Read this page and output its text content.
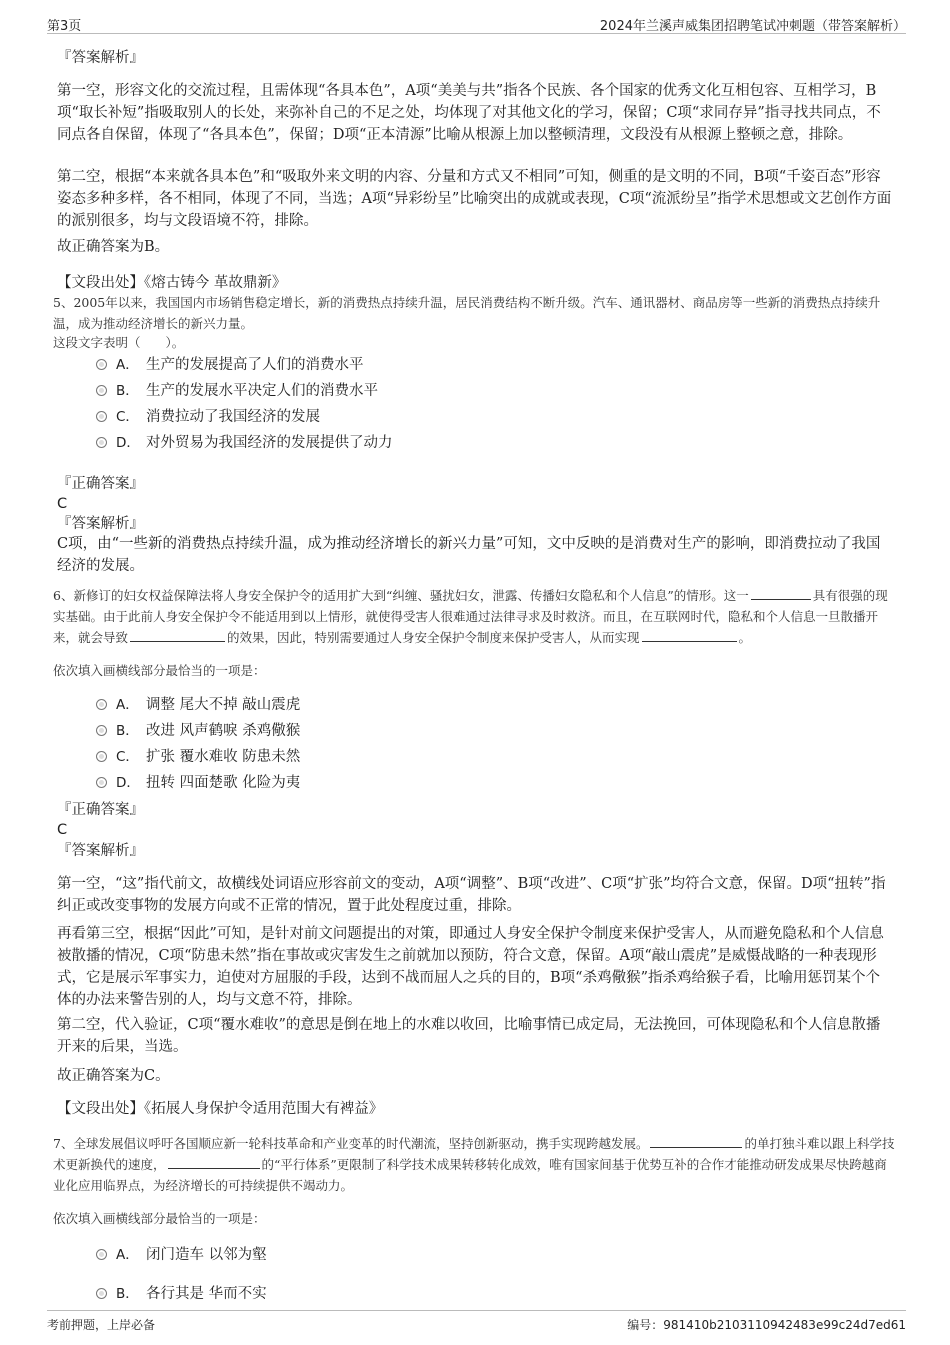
第3页	2024年兰溪声威集团招聘笔试冲刺题（带答案解析）
『答案解析』
第一空，形容文化的交流过程，且需体现“各具本色”，A项“美美与共”指各个民族、各个国家的优秀文化互相包容、互相学习，B项“取长补短”指吸取别人的长处，来弥补自己的不足之处，均体现了对其他文化的学习，保留；C项“求同存异”指寻找共同点，不同点各自保留，体现了“各具本色”，保留；D项“正本清源”比喻从根源上加以整顿清理，文段没有从根源上整顿之意，排除。
第二空，根据“本来就各具本色”和“吸取外来文明的内容、分量和方式又不相同”可知，侧重的是文明的不同，B项“千姿百态”形容姿态多种多样，各不相同，体现了不同，当选；A项“异彩纷呈”比喻突出的成就或表现，C项“流派纷呈”指学术思想或文艺创作方面的派别很多，均与文段语境不符，排除。
故正确答案为B。
【文段出处】《熔古铸今 革故鼎新》
5、2005年以来，我国国内市场销售稳定增长，新的消费热点持续升温，居民消费结构不断升级。汽车、通讯器材、商品房等一些新的消费热点持续升温，成为推动经济增长的新兴力量。
这段文字表明（　　）。
A． 生产的发展提高了人们的消费水平
B． 生产的发展水平决定人们的消费水平
C． 消费拉动了我国经济的发展
D． 对外贸易为我国经济的发展提供了动力
『正确答案』
C
『答案解析』
C项，由“一些新的消费热点持续升温，成为推动经济增长的新兴力量”可知，文中反映的是消费对生产的影响，即消费拉动了我国经济的发展。
6、新修订的妇女权益保障法将人身安全保护令的适用扩大到“纠缠、骚扰妇女，泄露、传播妇女隐私和个人信息”的情形。这一	具有很强的现实基础。由于此前人身安全保护令不能适用到以上情形，就使得受害人很难通过法律寻求及时救济。而且，在互联网时代，隐私和个人信息一旦散播开来，就会导致	的效果，因此，特别需要通过人身安全保护令制度来保护受害人，从而实现	。
依次填入画横线部分最恰当的一项是：
A． 调整 尾大不掉 敲山震虎
B． 改进 风声鹤唳 杀鸡儆猴
C． 扩张 覆水难收 防患未然
D． 扭转 四面楚歌 化险为夷
『正确答案』
C
『答案解析』
第一空，“这”指代前文，故横线处词语应形容前文的变动，A项“调整”、B项“改进”、C项“扩张”均符合文意，保留。D项“扭转”指纠正或改变事物的发展方向或不正常的情况，置于此处程度过重，排除。
再看第三空，根据“因此”可知，是针对前文问题提出的对策，即通过人身安全保护令制度来保护受害人，从而避免隐私和个人信息被散播的情况，C项“防患未然”指在事故或灾害发生之前就加以预防，符合文意，保留。A项“敲山震虎”是威慑战略的一种表现形式，它是展示军事实力，迫使对方屈服的手段，达到不战而屈人之兵的目的，B项“杀鸡儆猴”指杀鸡给猴子看，比喻用惩罚某个个体的办法来警告别的人，均与文意不符，排除。
第二空，代入验证，C项“覆水难收”的意思是倒在地上的水难以收回，比喻事情已成定局，无法挽回，可体现隐私和个人信息散播开来的后果，当选。
故正确答案为C。
【文段出处】《拓展人身保护令适用范围大有裨益》
7、全球发展倡议呼吁各国顺应新一轮科技革命和产业变革的时代潮流，坚持创新驱动，携手实现跨越发展。	的单打独斗难以跟上科学技术更新换代的速度，	的“平行体系”更限制了科学技术成果转移转化成效，唯有国家间基于优势互补的合作才能推动研发成果尽快跨越商业化应用临界点，为经济增长的可持续提供不竭动力。
依次填入画横线部分最恰当的一项是：
A． 闭门造车 以邻为壑
B． 各行其是 华而不实
考前押题，上岸必备	编号：981410b2103110942483e99c24d7ed61
